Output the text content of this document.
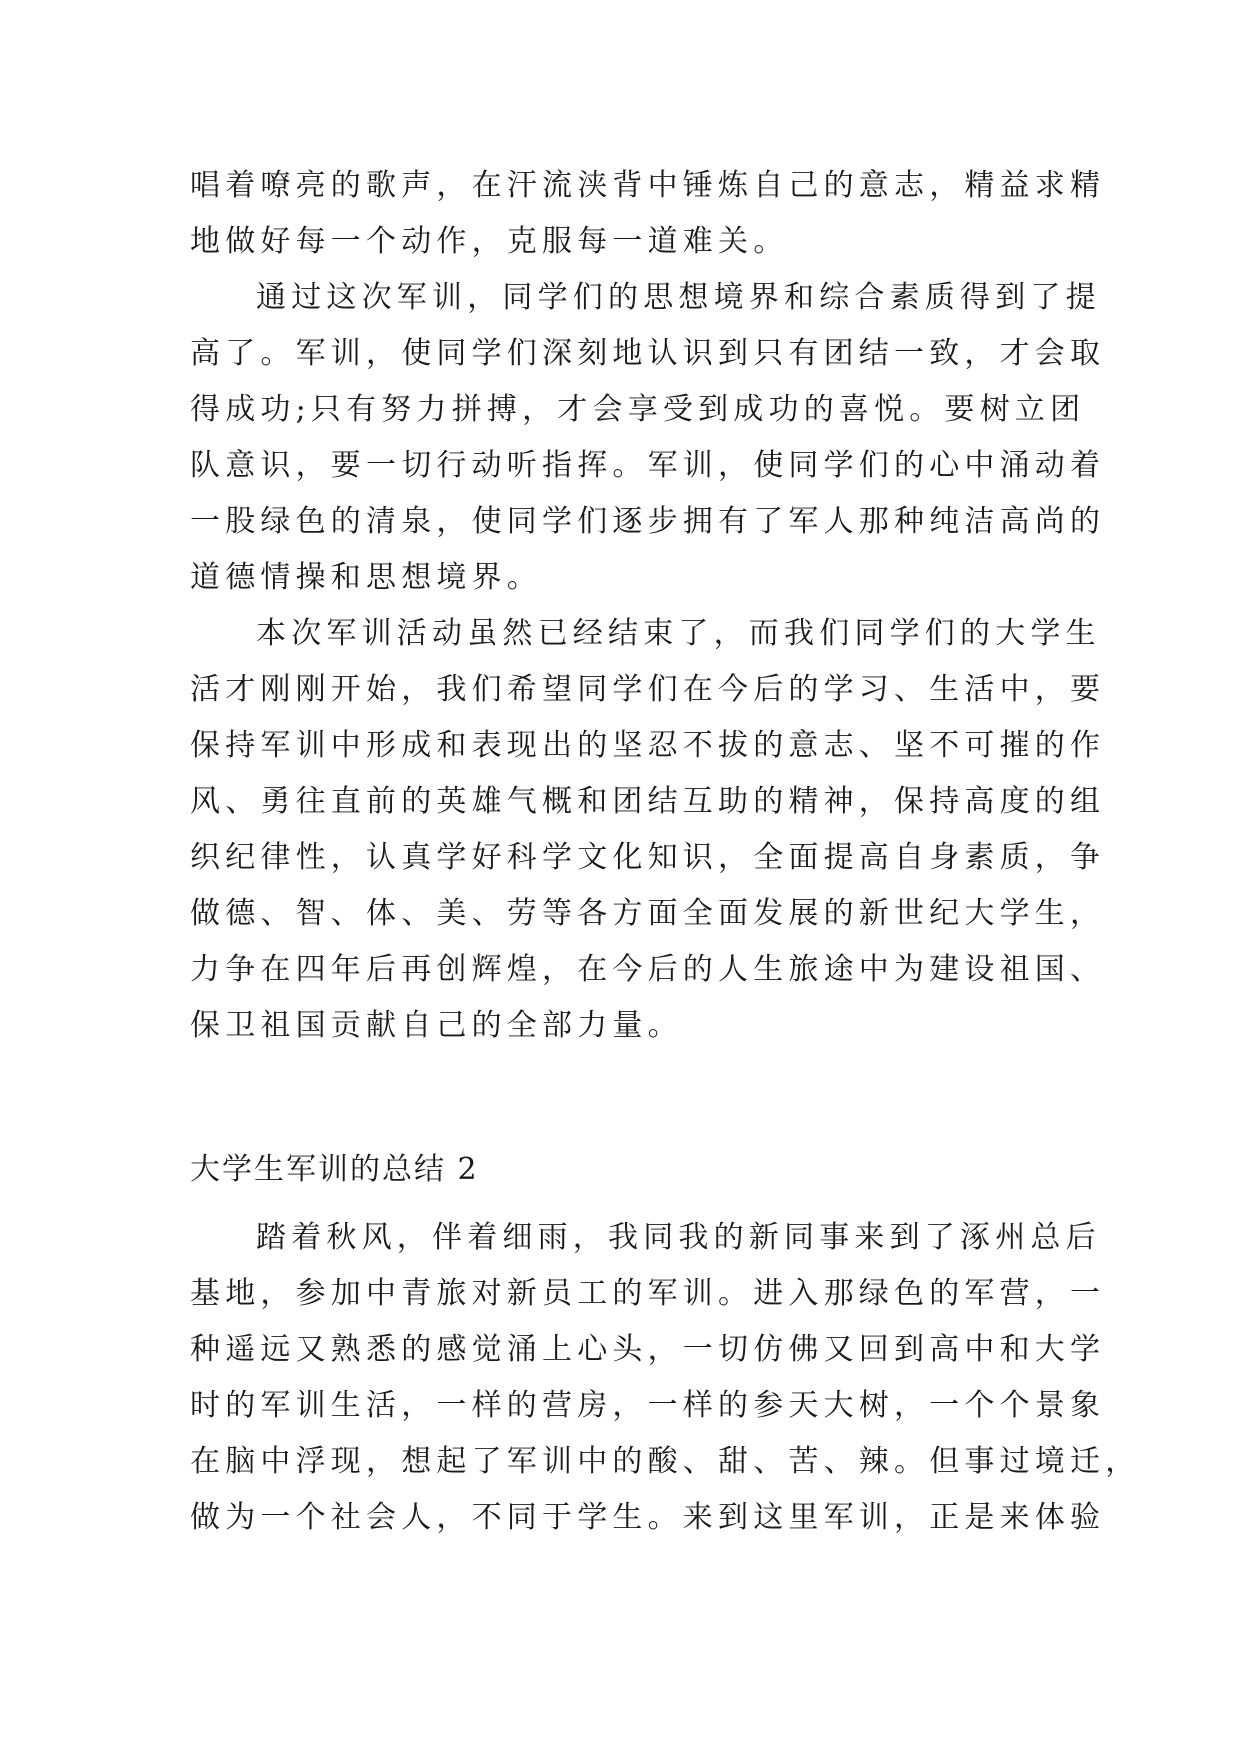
唱着嘹亮的歌声，在汗流浃背中锤炼自己的意志，精益求精
地做好每一个动作，克服每一道难关。
通过这次军训，同学们的思想境界和综合素质得到了提
高了。军训，使同学们深刻地认识到只有团结一致，才会取
得成功;只有努力拼搏，才会享受到成功的喜悦。要树立团
队意识，要一切行动听指挥。军训，使同学们的心中涌动着
一股绿色的清泉，使同学们逐步拥有了军人那种纯洁高尚的
道德情操和思想境界。
本次军训活动虽然已经结束了，而我们同学们的大学生
活才刚刚开始，我们希望同学们在今后的学习、生活中，要
保持军训中形成和表现出的坚忍不拔的意志、坚不可摧的作
风、勇往直前的英雄气概和团结互助的精神，保持高度的组
织纪律性，认真学好科学文化知识，全面提高自身素质，争
做德、智、体、美、劳等各方面全面发展的新世纪大学生，
力争在四年后再创辉煌，在今后的人生旅途中为建设祖国、
保卫祖国贡献自己的全部力量。
大学生军训的总结 2
踏着秋风，伴着细雨，我同我的新同事来到了涿州总后
基地，参加中青旅对新员工的军训。进入那绿色的军营，一
种遥远又熟悉的感觉涌上心头，一切仿佛又回到高中和大学
时的军训生活，一样的营房，一样的参天大树，一个个景象
在脑中浮现，想起了军训中的酸、甜、苦、辣。但事过境迁，
做为一个社会人，不同于学生。来到这里军训，正是来体验
